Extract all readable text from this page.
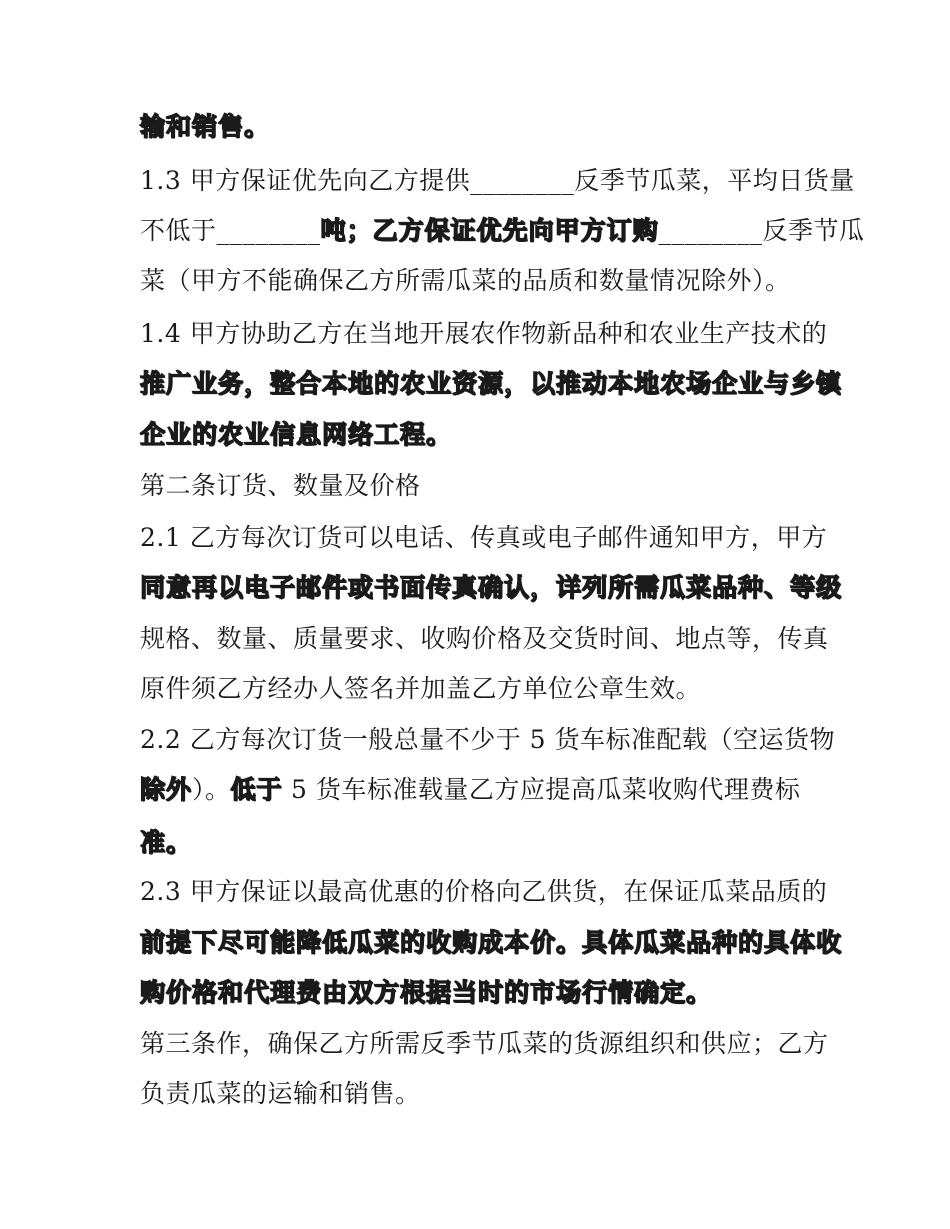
输和销售。

1.3 甲方保证优先向乙方提供________反季节瓜菜，平均日货量

不低于________吨；乙方保证优先向甲方订购________反季节瓜

菜（甲方不能确保乙方所需瓜菜的品质和数量情况除外）。

1.4 甲方协助乙方在当地开展农作物新品种和农业生产技术的

推广业务，整合本地的农业资源，以推动本地农场企业与乡镇

企业的农业信息网络工程。

第二条订货、数量及价格

2.1 乙方每次订货可以电话、传真或电子邮件通知甲方，甲方

同意再以电子邮件或书面传真确认，详列所需瓜菜品种、等级

规格、数量、质量要求、收购价格及交货时间、地点等，传真

原件须乙方经办人签名并加盖乙方单位公章生效。

2.2 乙方每次订货一般总量不少于 5 货车标准配载（空运货物

除外）。低于 5 货车标准载量乙方应提高瓜菜收购代理费标

准。

2.3 甲方保证以最高优惠的价格向乙供货，在保证瓜菜品质的

前提下尽可能降低瓜菜的收购成本价。具体瓜菜品种的具体收

购价格和代理费由双方根据当时的市场行情确定。

第三条作，确保乙方所需反季节瓜菜的货源组织和供应；乙方

负责瓜菜的运输和销售。
